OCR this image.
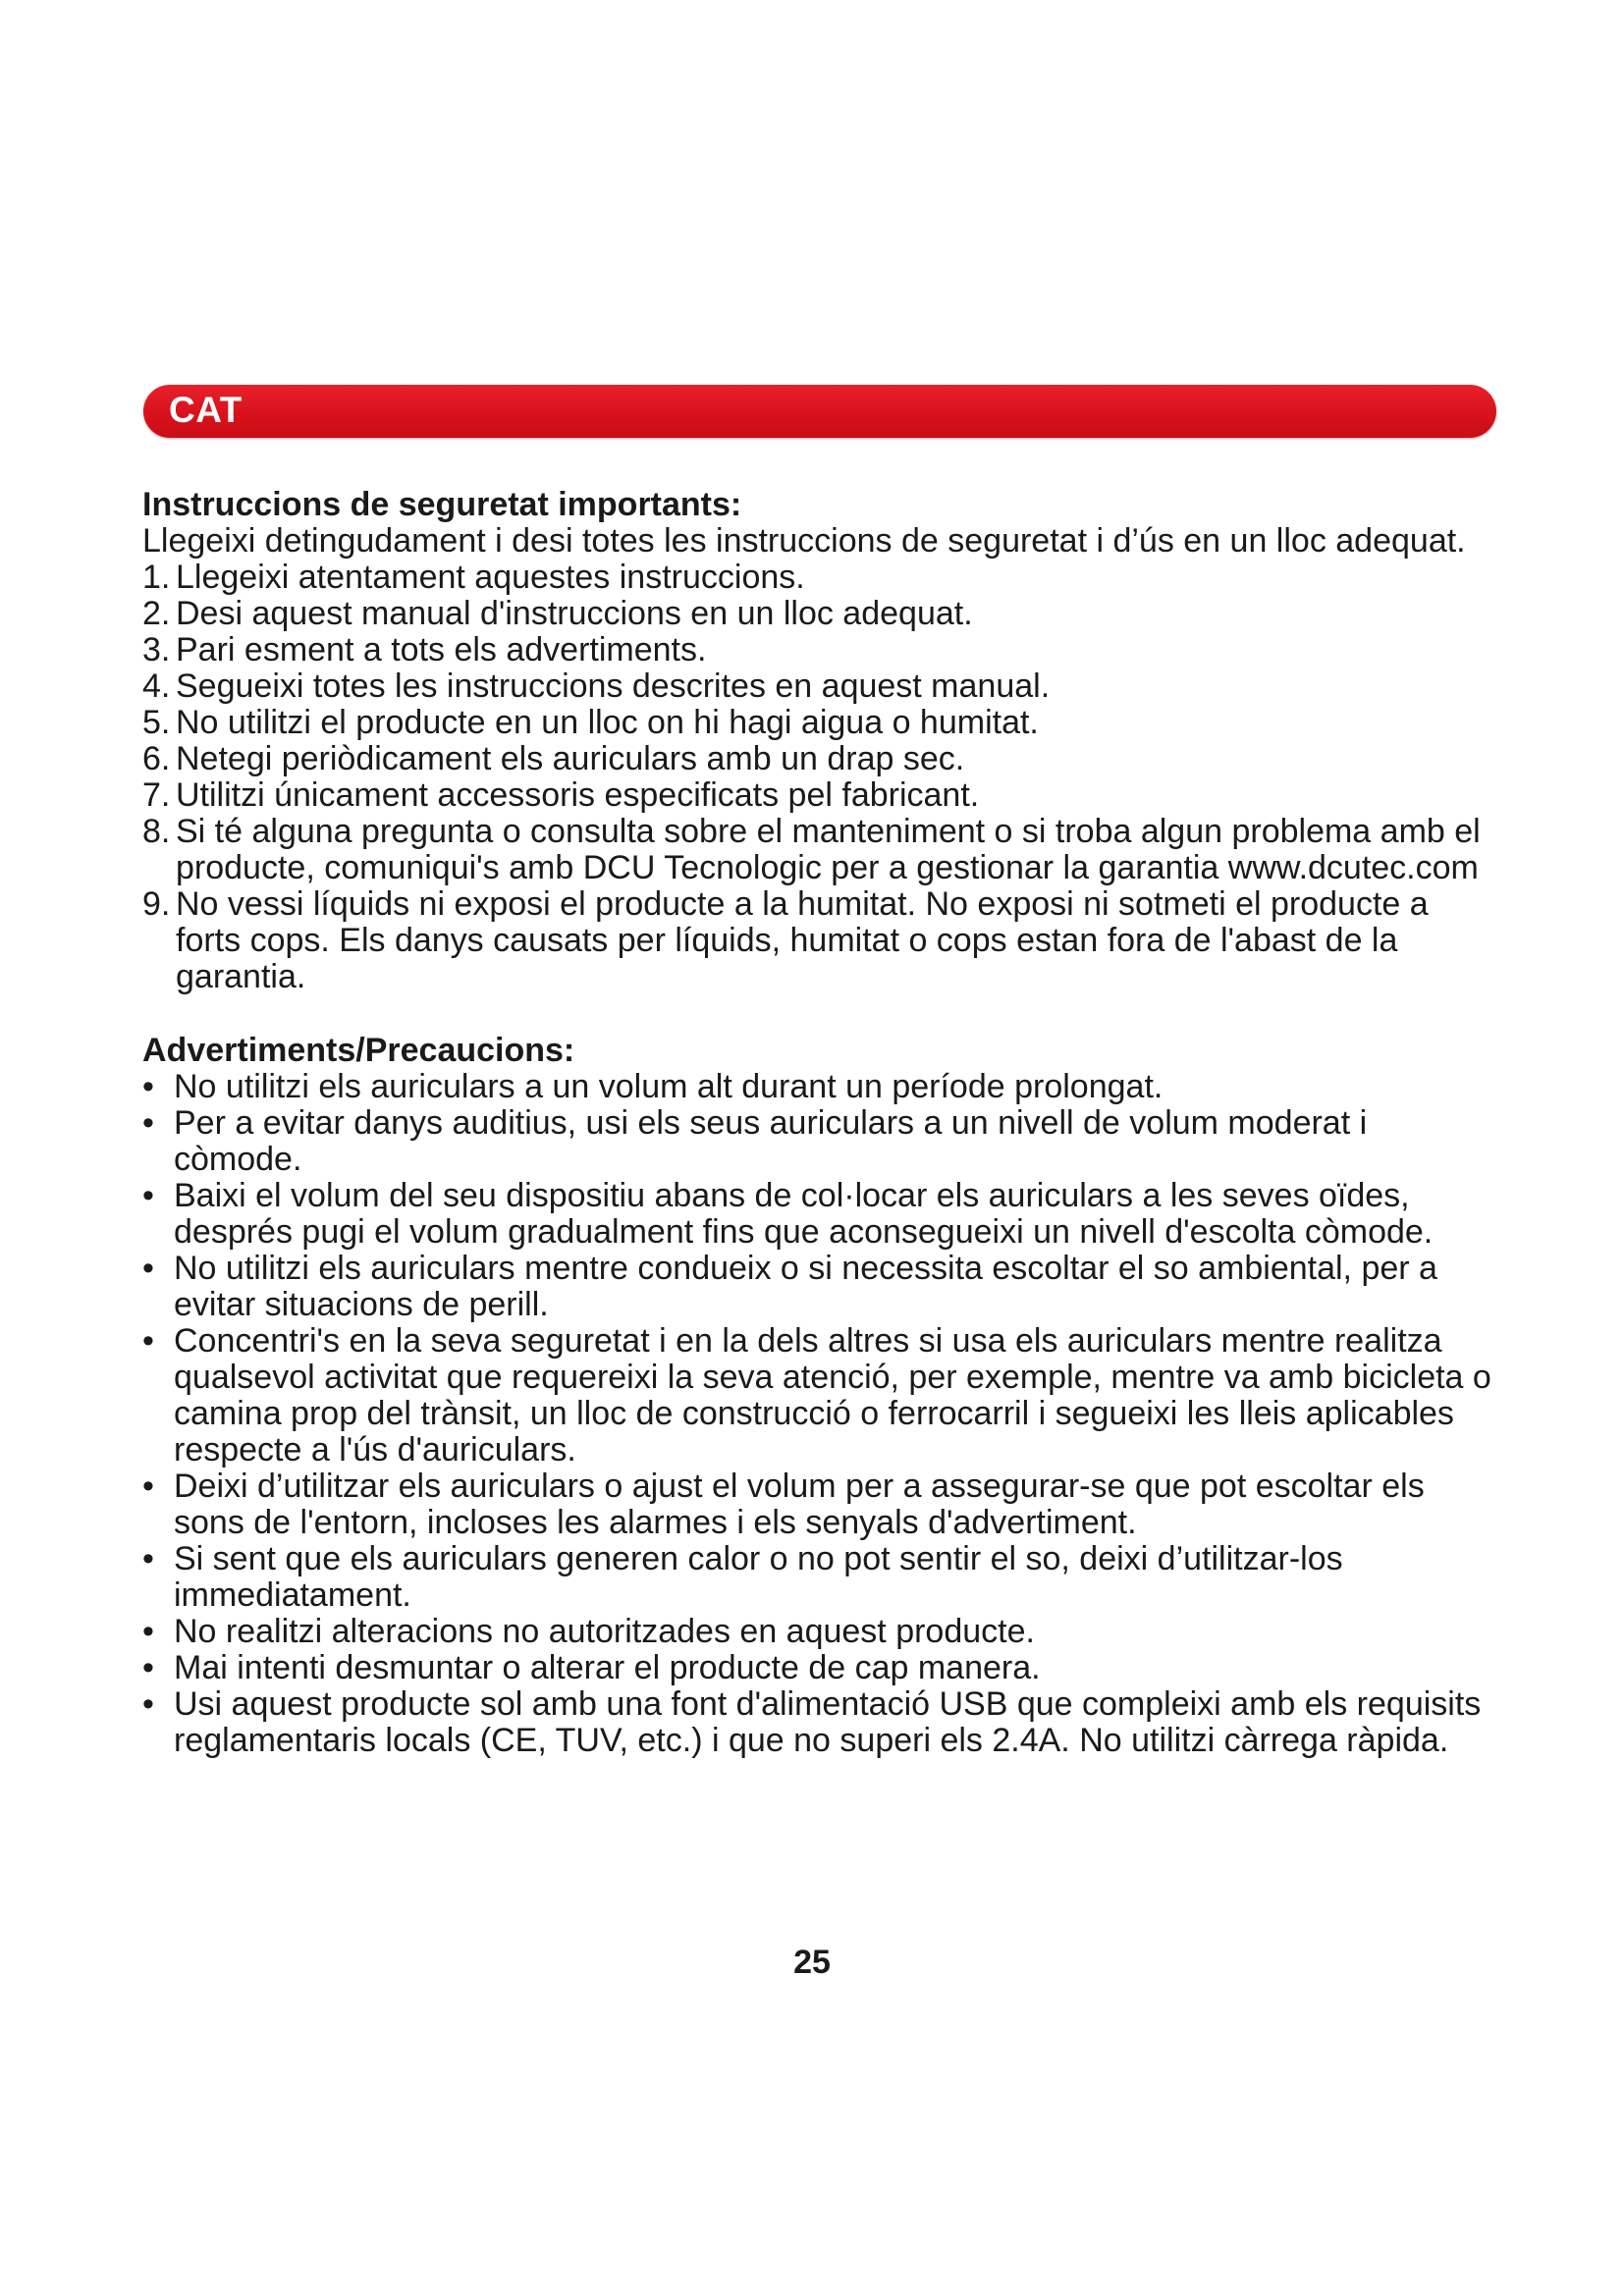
CAT

Instruccions de seguretat importants:

Llegeixi detingudament i desi totes les instruccions de seguretat i d’ús en un lloc adequat.

1. Llegeixi atentament aquestes instruccions.
2. Desi aquest manual d'instruccions en un lloc adequat.
3. Pari esment a tots els advertiments.
4. Segueixi totes les instruccions descrites en aquest manual.
5. No utilitzi el producte en un lloc on hi hagi aigua o humitat.
6. Netegi periòdicament els auriculars amb un drap sec.
7. Utilitzi únicament accessoris especificats pel fabricant.
8. Si té alguna pregunta o consulta sobre el manteniment o si troba algun problema amb el producte, comuniqui's amb DCU Tecnologic per a gestionar la garantia www.dcutec.com
9. No vessi líquids ni exposi el producte a la humitat. No exposi ni sotmeti el producte a forts cops. Els danys causats per líquids, humitat o cops estan fora de l'abast de la garantia.

Advertiments/Precaucions:

• No utilitzi els auriculars a un volum alt durant un període prolongat.
• Per a evitar danys auditius, usi els seus auriculars a un nivell de volum moderat i còmode.
• Baixi el volum del seu dispositiu abans de col·locar els auriculars a les seves oïdes, després pugi el volum gradualment fins que aconsegueixi un nivell d'escolta còmode.
• No utilitzi els auriculars mentre condueix o si necessita escoltar el so ambiental, per a evitar situacions de perill.
• Concentri's en la seva seguretat i en la dels altres si usa els auriculars mentre realitza qualsevol activitat que requereixi la seva atenció, per exemple, mentre va amb bicicleta o camina prop del trànsit, un lloc de construcció o ferrocarril i segueixi les lleis aplicables respecte a l'ús d'auriculars.
• Deixi d’utilitzar els auriculars o ajust el volum per a assegurar-se que pot escoltar els sons de l'entorn, incloses les alarmes i els senyals d'advertiment.
• Si sent que els auriculars generen calor o no pot sentir el so, deixi d’utilitzar-los immediatament.
• No realitzi alteracions no autoritzades en aquest producte.
• Mai intenti desmuntar o alterar el producte de cap manera.
• Usi aquest producte sol amb una font d'alimentació USB que compleixi amb els requisits reglamentaris locals (CE, TUV, etc.) i que no superi els 2.4A. No utilitzi càrrega ràpida.
25
